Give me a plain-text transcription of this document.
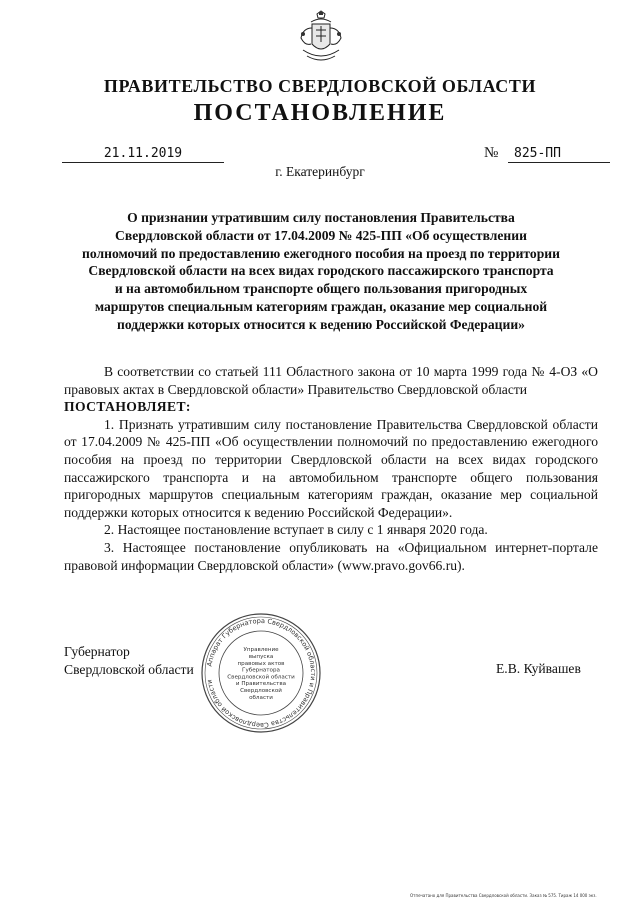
ПРАВИТЕЛЬСТВО СВЕРДЛОВСКОЙ ОБЛАСТИ
ПОСТАНОВЛЕНИЕ
21.11.2019	№	825-ПП
г. Екатеринбург
О признании утратившим силу постановления Правительства
Свердловской области от 17.04.2009 № 425-ПП «Об осуществлении
полномочий по предоставлению ежегодного пособия на проезд по территории
Свердловской области на всех видах городского пассажирского транспорта
и на автомобильном транспорте общего пользования пригородных
маршрутов специальным категориям граждан, оказание мер социальной
поддержки которых относится к ведению Российской Федерации»

В соответствии со статьей 111 Областного закона от 10 марта 1999 года № 4-ОЗ «О правовых актах в Свердловской области» Правительство Свердловской области

ПОСТАНОВЛЯЕТ:

1. Признать утратившим силу постановление Правительства Свердловской области от 17.04.2009 № 425-ПП «Об осуществлении полномочий по предоставлению ежегодного пособия на проезд по территории Свердловской области на всех видах городского пассажирского транспорта и на автомобильном транспорте общего пользования пригородных маршрутов специальным категориям граждан, оказание мер социальной поддержки которых относится к ведению Российской Федерации».

2. Настоящее постановление вступает в силу с 1 января 2020 года.

3. Настоящее постановление опубликовать на «Официальном интернет-портале правовой информации Свердловской области» (www.pravo.gov66.ru).

Губернатор
Свердловской области Аппарат Губернатора Свердловской области и Правительства Свердловской области
Управление
выпуска
правовых актов
Губернатора
Свердловской области
и Правительства
Свердловской
области
Е.В. Куйвашев
Отпечатано для Правительства Свердловской области. Заказ № 575. Тираж 14 000 экз.
